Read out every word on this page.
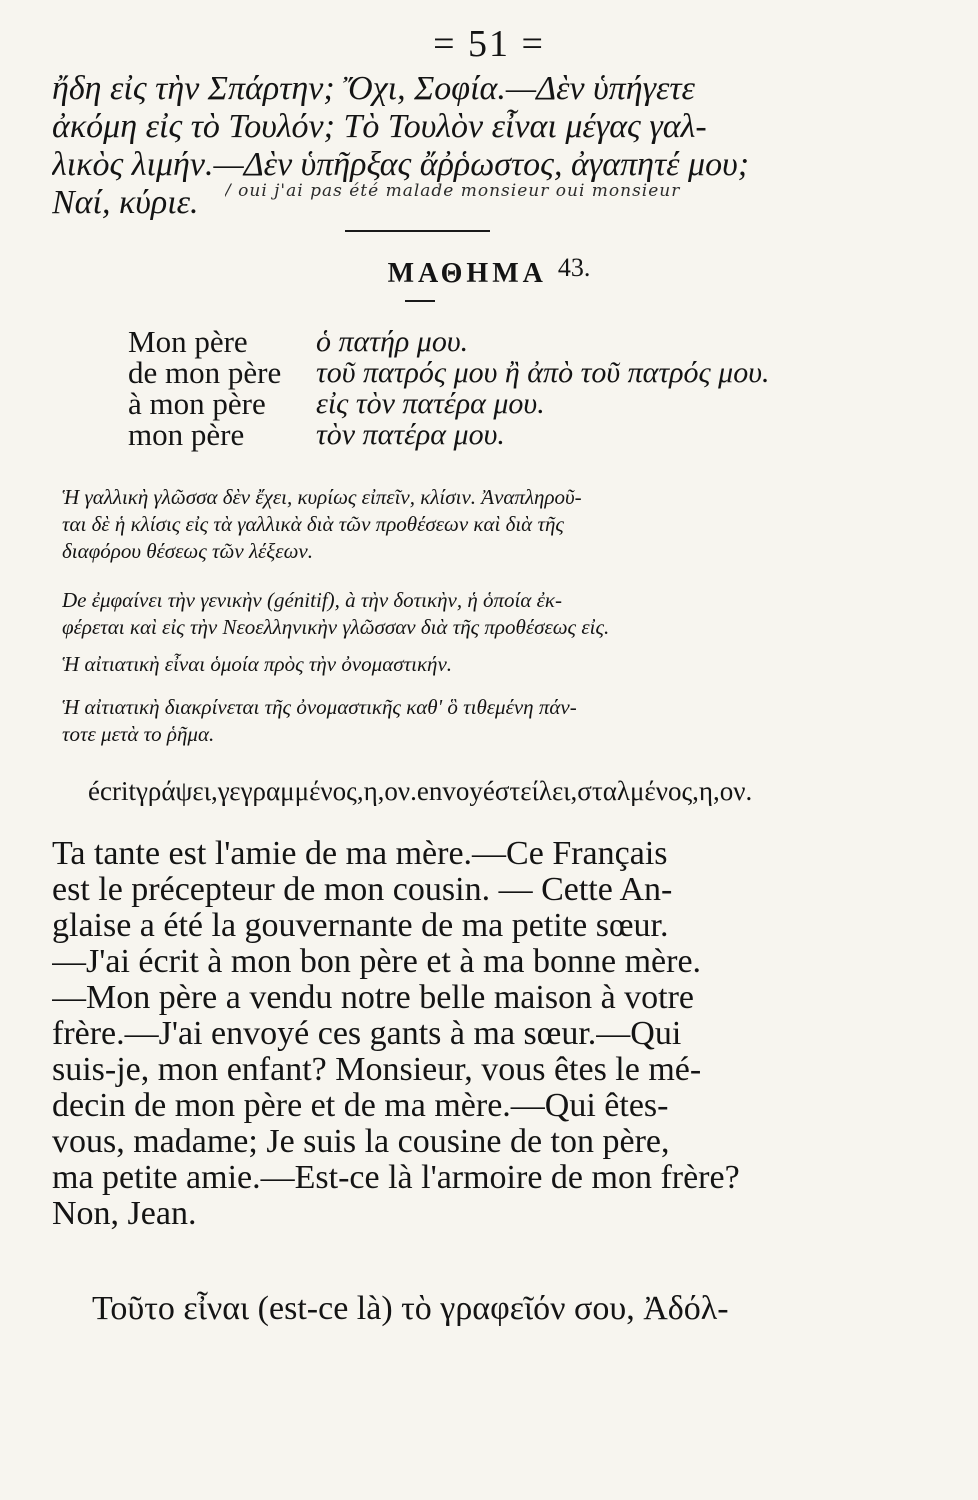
= 51 =
ἤδη εἰς τὴν Σπάρτην; Ὄχι, Σοφία.—Δὲν ὑπήγετε
ἀκόμη εἰς τὸ Τουλόν; Τὸ Τουλὸν εἶναι μέγας γαλ-
λικὸς λιμήν.—Δὲν ὑπῆρξας ἄῤῥωστος, ἀγαπητέ μου;
Ναί, κύριε.	/ oui j'ai pas été malade monsieur oui monsieur
ΜΑΘΗΜΑ 43.
Mon père ὁ πατήρ μου.
de mon père τοῦ πατρός μου ἢ ἀπὸ τοῦ πατρός μου.
à mon père εἰς τὸν πατέρα μου.
mon père τὸν πατέρα μου.
Ἡ γαλλικὴ γλῶσσα δὲν ἔχει, κυρίως εἰπεῖν, κλίσιν. Ἀναπληροῦ-
ται δὲ ἡ κλίσις εἰς τὰ γαλλικὰ διὰ τῶν προθέσεων καὶ διὰ τῆς
διαφόρου θέσεως τῶν λέξεων.
De ἐμφαίνει τὴν γενικὴν (génitif), à τὴν δοτικὴν, ἡ ὁποία ἐκ-
φέρεται καὶ εἰς τὴν Νεοελληνικὴν γλῶσσαν διὰ τῆς προθέσεως εἰς.
Ἡ αἰτιατικὴ εἶναι ὁμοία πρὸς τὴν ὀνομαστικήν.
Ἡ αἰτιατικὴ διακρίνεται τῆς ὀνομαστικῆς καθ' ὃ τιθεμένη πάν-
τοτε μετὰ το ῥῆμα.
écritγράψει,γεγραμμένος,η,ον.envoyéστείλει,σταλμένος,η,ον.
Ta tante est l'amie de ma mère.—Ce Français
est le précepteur de mon cousin. — Cette An-
glaise a été la gouvernante de ma petite sœur.
—J'ai écrit à mon bon père et à ma bonne mère.
—Mon père a vendu notre belle maison à votre
frère.—J'ai envoyé ces gants à ma sœur.—Qui
suis-je, mon enfant? Monsieur, vous êtes le mé-
decin de mon père et de ma mère.—Qui êtes-
vous, madame; Je suis la cousine de ton père,
ma petite amie.—Est-ce là l'armoire de mon frère?
Non, Jean.
Τοῦτο εἶναι (est-ce là) τὸ γραφεῖόν σου, Ἀδόλ-
